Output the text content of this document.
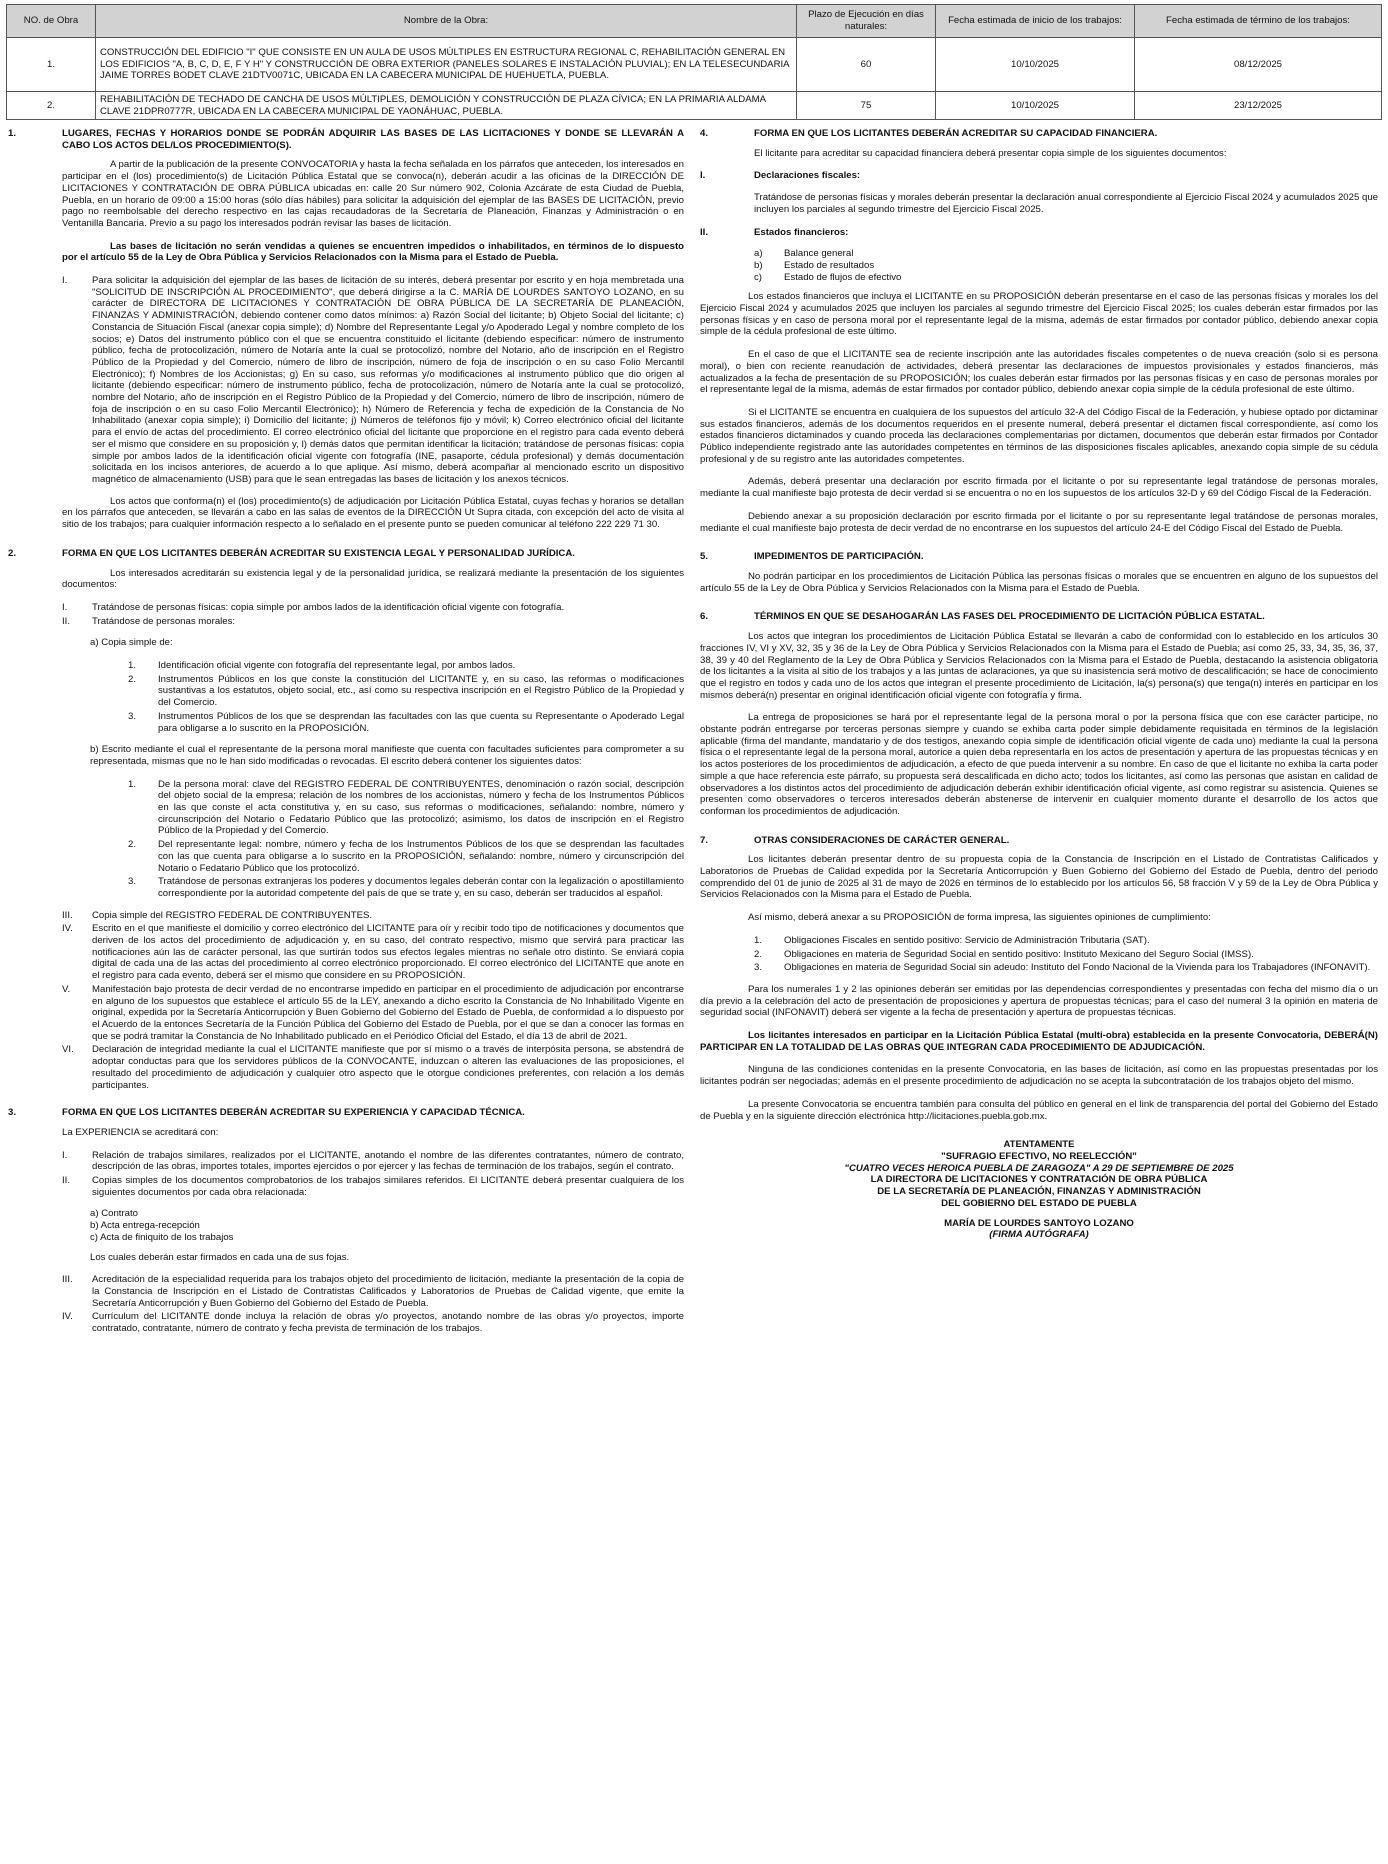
NO. de Obra	Nombre de la Obra:	Plazo de Ejecución en días naturales:	Fecha estimada de inicio de los trabajos:	Fecha estimada de término de los trabajos:
1.	CONSTRUCCIÓN DEL EDIFICIO "I" QUE CONSISTE EN UN AULA DE USOS MÚLTIPLES EN ESTRUCTURA REGIONAL C, REHABILITACIÓN GENERAL EN LOS EDIFICIOS "A, B, C, D, E, F Y H" Y CONSTRUCCIÓN DE OBRA EXTERIOR (PANELES SOLARES E INSTALACIÓN PLUVIAL); EN LA TELESECUNDARIA JAIME TORRES BODET CLAVE 21DTV0071C, UBICADA EN LA CABECERA MUNICIPAL DE HUEHUETLA, PUEBLA.	60	10/10/2025	08/12/2025
2.	REHABILITACIÓN DE TECHADO DE CANCHA DE USOS MÚLTIPLES, DEMOLICIÓN Y CONSTRUCCIÓN DE PLAZA CÍVICA; EN LA PRIMARIA ALDAMA CLAVE 21DPR0777R, UBICADA EN LA CABECERA MUNICIPAL DE YAONÁHUAC, PUEBLA.	75	10/10/2025	23/12/2025
1.	LUGARES, FECHAS Y HORARIOS DONDE SE PODRÁN ADQUIRIR LAS BASES DE LAS LICITACIONES Y DONDE SE LLEVARÁN A CABO LOS ACTOS DEL/LOS PROCEDIMIENTO(S).

A partir de la publicación de la presente CONVOCATORIA y hasta la fecha señalada en los párrafos que anteceden, los interesados en participar en el (los) procedimiento(s) de Licitación Pública Estatal que se convoca(n), deberán acudir a las oficinas de la DIRECCIÓN DE LICITACIONES Y CONTRATACIÓN DE OBRA PÚBLICA ubicadas en: calle 20 Sur número 902, Colonia Azcárate de esta Ciudad de Puebla, Puebla, en un horario de 09:00 a 15:00 horas (sólo días hábiles) para solicitar la adquisición del ejemplar de las BASES DE LICITACIÓN, previo pago no reembolsable del derecho respectivo en las cajas recaudadoras de la Secretaría de Planeación, Finanzas y Administración o en Ventanilla Bancaria. Previo a su pago los interesados podrán revisar las bases de licitación.

Las bases de licitación no serán vendidas a quienes se encuentren impedidos o inhabilitados, en términos de lo dispuesto por el artículo 55 de la Ley de Obra Pública y Servicios Relacionados con la Misma para el Estado de Puebla.

I.	Para solicitar la adquisición del ejemplar de las bases de licitación de su interés, deberá presentar por escrito y en hoja membretada una "SOLICITUD DE INSCRIPCIÓN AL PROCEDIMIENTO", que deberá dirigirse a la C. MARÍA DE LOURDES SANTOYO LOZANO, en su carácter de DIRECTORA DE LICITACIONES Y CONTRATACIÓN DE OBRA PÚBLICA DE LA SECRETARÍA DE PLANEACIÓN, FINANZAS Y ADMINISTRACIÓN, debiendo contener como datos mínimos: a) Razón Social del licitante; b) Objeto Social del licitante; c) Constancia de Situación Fiscal (anexar copia simple); d) Nombre del Representante Legal y/o Apoderado Legal y nombre completo de los socios; e) Datos del instrumento público con el que se encuentra constituido el licitante (debiendo especificar: número de instrumento público, fecha de protocolización, número de Notaría ante la cual se protocolizó, nombre del Notario, año de inscripción en el Registro Público de la Propiedad y del Comercio, número de libro de inscripción, número de foja de inscripción o en su caso Folio Mercantil Electrónico); f) Nombres de los Accionistas; g) En su caso, sus reformas y/o modificaciones al instrumento público que dio origen al licitante (debiendo especificar: número de instrumento público, fecha de protocolización, número de Notaría ante la cual se protocolizó, nombre del Notario, año de inscripción en el Registro Público de la Propiedad y del Comercio, número de libro de inscripción, número de foja de inscripción o en su caso Folio Mercantil Electrónico); h) Número de Referencia y fecha de expedición de la Constancia de No Inhabilitado (anexar copia simple); i) Domicilio del licitante; j) Números de teléfonos fijo y móvil; k) Correo electrónico oficial del licitante para el envío de actas del procedimiento. El correo electrónico oficial del licitante que proporcione en el registro para cada evento deberá ser el mismo que considere en su proposición y, l) demás datos que permitan identificar la licitación; tratándose de personas físicas: copia simple por ambos lados de la identificación oficial vigente con fotografía (INE, pasaporte, cédula profesional) y demás documentación solicitada en los incisos anteriores, de acuerdo a lo que aplique. Así mismo, deberá acompañar al mencionado escrito un dispositivo magnético de almacenamiento (USB) para que le sean entregadas las bases de licitación y los anexos técnicos.

Los actos que conforma(n) el (los) procedimiento(s) de adjudicación por Licitación Pública Estatal, cuyas fechas y horarios se detallan en los párrafos que anteceden, se llevarán a cabo en las salas de eventos de la DIRECCIÓN Ut Supra citada, con excepción del acto de visita al sitio de los trabajos; para cualquier información respecto a lo señalado en el presente punto se pueden comunicar al teléfono 222 229 71 30.

2.	FORMA EN QUE LOS LICITANTES DEBERÁN ACREDITAR SU EXISTENCIA LEGAL Y PERSONALIDAD JURÍDICA.

Los interesados acreditarán su existencia legal y de la personalidad jurídica, se realizará mediante la presentación de los siguientes documentos:

I.	Tratándose de personas físicas: copia simple por ambos lados de la identificación oficial vigente con fotografía.
II.	Tratándose de personas morales:

a) Copia simple de:

1.	Identificación oficial vigente con fotografía del representante legal, por ambos lados.
2.	Instrumentos Públicos en los que conste la constitución del LICITANTE y, en su caso, las reformas o modificaciones sustantivas a los estatutos, objeto social, etc., así como su respectiva inscripción en el Registro Público de la Propiedad y del Comercio.
3.	Instrumentos Públicos de los que se desprendan las facultades con las que cuenta su Representante o Apoderado Legal para obligarse a lo suscrito en la PROPOSICIÓN.

b) Escrito mediante el cual el representante de la persona moral manifieste que cuenta con facultades suficientes para comprometer a su representada, mismas que no le han sido modificadas o revocadas. El escrito deberá contener los siguientes datos:

1.	De la persona moral: clave del REGISTRO FEDERAL DE CONTRIBUYENTES, denominación o razón social, descripción del objeto social de la empresa; relación de los nombres de los accionistas, número y fecha de los Instrumentos Públicos en las que conste el acta constitutiva y, en su caso, sus reformas o modificaciones, señalando: nombre, número y circunscripción del Notario o Fedatario Público que las protocolizó; asimismo, los datos de inscripción en el Registro Público de la Propiedad y del Comercio.
2.	Del representante legal: nombre, número y fecha de los Instrumentos Públicos de los que se desprendan las facultades con las que cuenta para obligarse a lo suscrito en la PROPOSICIÓN, señalando: nombre, número y circunscripción del Notario o Fedatario Público que los protocolizó.
3.	Tratándose de personas extranjeras los poderes y documentos legales deberán contar con la legalización o apostillamiento correspondiente por la autoridad competente del país de que se trate y, en su caso, deberán ser traducidos al español.
III.	Copia simple del REGISTRO FEDERAL DE CONTRIBUYENTES.
IV.	Escrito en el que manifieste el domicilio y correo electrónico del LICITANTE para oír y recibir todo tipo de notificaciones y documentos que deriven de los actos del procedimiento de adjudicación y, en su caso, del contrato respectivo, mismo que servirá para practicar las notificaciones aún las de carácter personal, las que surtirán todos sus efectos legales mientras no señale otro distinto. Se enviará copia digital de cada una de las actas del procedimiento al correo electrónico proporcionado. El correo electrónico del LICITANTE que anote en el registro para cada evento, deberá ser el mismo que considere en su PROPOSICIÓN.
V.	Manifestación bajo protesta de decir verdad de no encontrarse impedido en participar en el procedimiento de adjudicación por encontrarse en alguno de los supuestos que establece el artículo 55 de la LEY, anexando a dicho escrito la Constancia de No Inhabilitado Vigente en original, expedida por la Secretaría Anticorrupción y Buen Gobierno del Gobierno del Estado de Puebla, de conformidad a lo dispuesto por el Acuerdo de la entonces Secretaría de la Función Pública del Gobierno del Estado de Puebla, por el que se dan a conocer las formas en que se podrá tramitar la Constancia de No Inhabilitado publicado en el Periódico Oficial del Estado, el día 13 de abril de 2021.
VI.	Declaración de integridad mediante la cual el LICITANTE manifieste que por sí mismo o a través de interpósita persona, se abstendrá de adoptar conductas para que los servidores públicos de la CONVOCANTE, induzcan o alteren las evaluaciones de las proposiciones, el resultado del procedimiento de adjudicación y cualquier otro aspecto que le otorgue condiciones preferentes, con relación a los demás participantes.
3.	FORMA EN QUE LOS LICITANTES DEBERÁN ACREDITAR SU EXPERIENCIA Y CAPACIDAD TÉCNICA.

La EXPERIENCIA se acreditará con:

I.	Relación de trabajos similares, realizados por el LICITANTE, anotando el nombre de las diferentes contratantes, número de contrato, descripción de las obras, importes totales, importes ejercidos o por ejercer y las fechas de terminación de los trabajos, según el contrato.
II.	Copias simples de los documentos comprobatorios de los trabajos similares referidos. El LICITANTE deberá presentar cualquiera de los siguientes documentos por cada obra relacionada:

a) Contrato

b) Acta entrega-recepción

c) Acta de finiquito de los trabajos

Los cuales deberán estar firmados en cada una de sus fojas.

III.	Acreditación de la especialidad requerida para los trabajos objeto del procedimiento de licitación, mediante la presentación de la copia de la Constancia de Inscripción en el Listado de Contratistas Calificados y Laboratorios de Pruebas de Calidad vigente, que emite la Secretaría Anticorrupción y Buen Gobierno del Gobierno del Estado de Puebla.
IV.	Currículum del LICITANTE donde incluya la relación de obras y/o proyectos, anotando nombre de las obras y/o proyectos, importe contratado, contratante, número de contrato y fecha prevista de terminación de los trabajos.
4.	FORMA EN QUE LOS LICITANTES DEBERÁN ACREDITAR SU CAPACIDAD FINANCIERA.

El licitante para acreditar su capacidad financiera deberá presentar copia simple de los siguientes documentos:

I.	Declaraciones fiscales:

Tratándose de personas físicas y morales deberán presentar la declaración anual correspondiente al Ejercicio Fiscal 2024 y acumulados 2025 que incluyen los parciales al segundo trimestre del Ejercicio Fiscal 2025.

II.	Estados financieros:
a)	Balance general
b)	Estado de resultados
c)	Estado de flujos de efectivo

Los estados financieros que incluya el LICITANTE en su PROPOSICIÓN deberán presentarse en el caso de las personas físicas y morales los del Ejercicio Fiscal 2024 y acumulados 2025 que incluyen los parciales al segundo trimestre del Ejercicio Fiscal 2025; los cuales deberán estar firmados por las personas físicas y en caso de persona moral por el representante legal de la misma, además de estar firmados por contador público, debiendo anexar copia simple de la cédula profesional de este último.

En el caso de que el LICITANTE sea de reciente inscripción ante las autoridades fiscales competentes o de nueva creación (solo si es persona moral), o bien con reciente reanudación de actividades, deberá presentar las declaraciones de impuestos provisionales y estados financieros, más actualizados a la fecha de presentación de su PROPOSICIÓN; los cuales deberán estar firmados por las personas físicas y en caso de personas morales por el representante legal de la misma, además de estar firmados por contador público, debiendo anexar copia simple de la cédula profesional de este último.

Si el LICITANTE se encuentra en cualquiera de los supuestos del artículo 32-A del Código Fiscal de la Federación, y hubiese optado por dictaminar sus estados financieros, además de los documentos requeridos en el presente numeral, deberá presentar el dictamen fiscal correspondiente, así como los estados financieros dictaminados y cuando proceda las declaraciones complementarias por dictamen, documentos que deberán estar firmados por Contador Público independiente registrado ante las autoridades competentes en términos de las disposiciones fiscales aplicables, anexando copia simple de su cédula profesional y de su registro ante las autoridades competentes.

Además, deberá presentar una declaración por escrito firmada por el licitante o por su representante legal tratándose de personas morales, mediante la cual manifieste bajo protesta de decir verdad si se encuentra o no en los supuestos de los artículos 32-D y 69 del Código Fiscal de la Federación.

Debiendo anexar a su proposición declaración por escrito firmada por el licitante o por su representante legal tratándose de personas morales, mediante el cual manifieste bajo protesta de decir verdad de no encontrarse en los supuestos del artículo 24-E del Código Fiscal del Estado de Puebla.

5.	IMPEDIMENTOS DE PARTICIPACIÓN.

No podrán participar en los procedimientos de Licitación Pública las personas físicas o morales que se encuentren en alguno de los supuestos del artículo 55 de la Ley de Obra Pública y Servicios Relacionados con la Misma para el Estado de Puebla.

6.	TÉRMINOS EN QUE SE DESAHOGARÁN LAS FASES DEL PROCEDIMIENTO DE LICITACIÓN PÚBLICA ESTATAL.

Los actos que integran los procedimientos de Licitación Pública Estatal se llevarán a cabo de conformidad con lo establecido en los artículos 30 fracciones IV, VI y XV, 32, 35 y 36 de la Ley de Obra Pública y Servicios Relacionados con la Misma para el Estado de Puebla; así como 25, 33, 34, 35, 36, 37, 38, 39 y 40 del Reglamento de la Ley de Obra Pública y Servicios Relacionados con la Misma para el Estado de Puebla, destacando la asistencia obligatoria de los licitantes a la visita al sitio de los trabajos y a las juntas de aclaraciones, ya que su inasistencia será motivo de descalificación; se hace de conocimiento que el registro en todos y cada uno de los actos que integran el presente procedimiento de Licitación, la(s) persona(s) que tenga(n) interés en participar en los mismos deberá(n) presentar en original identificación oficial vigente con fotografía y firma.

La entrega de proposiciones se hará por el representante legal de la persona moral o por la persona física que con ese carácter participe, no obstante podrán entregarse por terceras personas siempre y cuando se exhiba carta poder simple debidamente requisitada en términos de la legislación aplicable (firma del mandante, mandatario y de dos testigos, anexando copia simple de identificación oficial vigente de cada uno) mediante la cual la persona física o el representante legal de la persona moral, autorice a quien deba representarla en los actos de presentación y apertura de las propuestas técnicas y en los actos posteriores de los procedimientos de adjudicación, a efecto de que pueda intervenir a su nombre. En caso de que el licitante no exhiba la carta poder simple a que hace referencia este párrafo, su propuesta será descalificada en dicho acto; todos los licitantes, así como las personas que asistan en calidad de observadores a los distintos actos del procedimiento de adjudicación deberán exhibir identificación oficial vigente, así como registrar su asistencia. Quienes se presenten como observadores o terceros interesados deberán abstenerse de intervenir en cualquier momento durante el desarrollo de los actos que conforman los procedimientos de adjudicación.

7.	OTRAS CONSIDERACIONES DE CARÁCTER GENERAL.

Los licitantes deberán presentar dentro de su propuesta copia de la Constancia de Inscripción en el Listado de Contratistas Calificados y Laboratorios de Pruebas de Calidad expedida por la Secretaría Anticorrupción y Buen Gobierno del Gobierno del Estado de Puebla, dentro del periodo comprendido del 01 de junio de 2025 al 31 de mayo de 2026 en términos de lo establecido por los artículos 56, 58 fracción V y 59 de la Ley de Obra Pública y Servicios Relacionados con la Misma para el Estado de Puebla.

Así mismo, deberá anexar a su PROPOSICIÓN de forma impresa, las siguientes opiniones de cumplimiento:

1.	Obligaciones Fiscales en sentido positivo: Servicio de Administración Tributaria (SAT).
2.	Obligaciones en materia de Seguridad Social en sentido positivo: Instituto Mexicano del Seguro Social (IMSS).
3.	Obligaciones en materia de Seguridad Social sin adeudo: Instituto del Fondo Nacional de la Vivienda para los Trabajadores (INFONAVIT).

Para los numerales 1 y 2 las opiniones deberán ser emitidas por las dependencias correspondientes y presentadas con fecha del mismo día o un día previo a la celebración del acto de presentación de proposiciones y apertura de propuestas técnicas; para el caso del numeral 3 la opinión en materia de seguridad social (INFONAVIT) deberá ser vigente a la fecha de presentación y apertura de propuestas técnicas.

Los licitantes interesados en participar en la Licitación Pública Estatal (multi-obra) establecida en la presente Convocatoria, DEBERÁ(N) PARTICIPAR EN LA TOTALIDAD DE LAS OBRAS QUE INTEGRAN CADA PROCEDIMIENTO DE ADJUDICACIÓN.

Ninguna de las condiciones contenidas en la presente Convocatoria, en las bases de licitación, así como en las propuestas presentadas por los licitantes podrán ser negociadas; además en el presente procedimiento de adjudicación no se acepta la subcontratación de los trabajos objeto del mismo.

La presente Convocatoria se encuentra también para consulta del público en general en el link de transparencia del portal del Gobierno del Estado de Puebla y en la siguiente dirección electrónica http://licitaciones.puebla.gob.mx.

ATENTAMENTE

"SUFRAGIO EFECTIVO, NO REELECCIÓN"

"CUATRO VECES HEROICA PUEBLA DE ZARAGOZA" A 29 DE SEPTIEMBRE DE 2025

LA DIRECTORA DE LICITACIONES Y CONTRATACIÓN DE OBRA PÚBLICA

DE LA SECRETARÍA DE PLANEACIÓN, FINANZAS Y ADMINISTRACIÓN

DEL GOBIERNO DEL ESTADO DE PUEBLA

MARÍA DE LOURDES SANTOYO LOZANO

(FIRMA AUTÓGRAFA)
